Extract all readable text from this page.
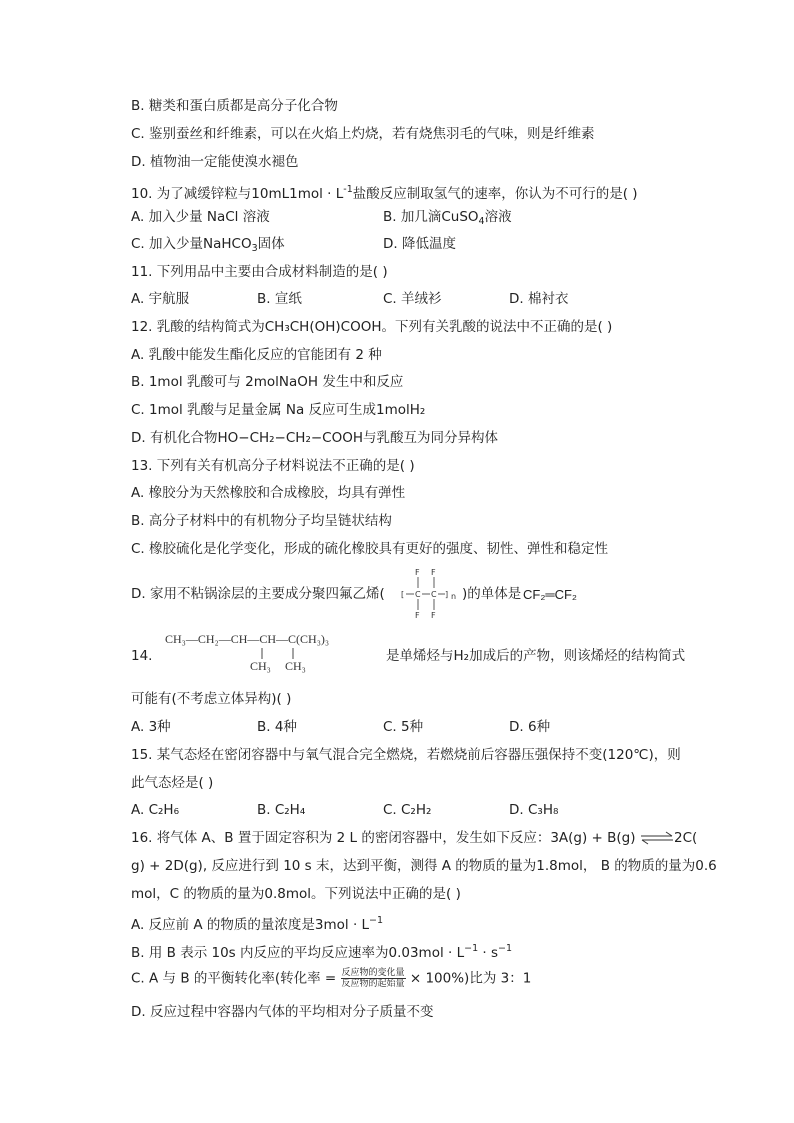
B. 糖类和蛋白质都是高分子化合物
C. 鉴别蚕丝和纤维素，可以在火焰上灼烧，若有烧焦羽毛的气味，则是纤维素
D. 植物油一定能使溴水褪色
10. 为了减缓锌粒与$10mL1mol \cdot L^{-1}$盐酸反应制取氢气的速率，你认为不可行的是( )
A. 加入少量 NaCl 溶液	B. 加几滴CuSO$_4$溶液
C. 加入少量NaHCO$_3$固体	D. 降低温度
11. 下列用品中主要由合成材料制造的是( )
A. 宇航服	B. 宣纸	C. 羊绒衫	D. 棉衬衣
12. 乳酸的结构简式为CH₃CH(OH)COOH。下列有关乳酸的说法中不正确的是( )
A. 乳酸中能发生酯化反应的官能团有 2 种
B. 1mol 乳酸可与 2molNaOH 发生中和反应
C. 1mol 乳酸与足量金属 Na 反应可生成1molH₂
D. 有机化合物HO−CH₂−CH₂−COOH与乳酸互为同分异构体
13. 下列有关有机高分子材料说法不正确的是( )
A. 橡胶分为天然橡胶和合成橡胶，均具有弹性
B. 高分子材料中的有机物分子均呈链状结构
C. 橡胶硫化是化学变化，形成的硫化橡胶具有更好的强度、韧性、弹性和稳定性
D. 家用不粘锅涂层的主要成分聚四氟乙烯( [
F F
C C
F F
] n )的单体是 CF₂═CF₂
14.
CH₃—CH₂—CH—CH—C(CH₃)₃
CH₃ CH₃
是单烯烃与H₂加成后的产物，则该烯烃的结构简式
可能有(不考虑立体异构)( )
A. 3种	B. 4种	C. 5种	D. 6种
15. 某气态烃在密闭容器中与氧气混合完全燃烧，若燃烧前后容器压强保持不变(120℃)，则
此气态烃是( )
A. C₂H₆	B. C₂H₄	C. C₂H₂	D. C₃H₈
16. 将气体 A、B 置于固定容积为 2 L 的密闭容器中，发生如下反应：3A(g) + B(g) ⇌ 2C(
g) + 2D(g), 反应进行到 10 s 末，达到平衡，测得 A 的物质的量为1.8mol， B 的物质的量为0.6
mol，C 的物质的量为0.8mol。下列说法中正确的是( )
A. 反应前 A 的物质的量浓度是$3mol \cdot L^{-1}$
B. 用 B 表示 10s 内反应的平均反应速率为$0.03mol \cdot L^{-1} \cdot s^{-1}$
C. A 与 B 的平衡转化率(转化率 = $\frac{\text{反应物的变化量}}{\text{反应物的起始量}} \times 100\%$)比为 3：1
D. 反应过程中容器内气体的平均相对分子质量不变
